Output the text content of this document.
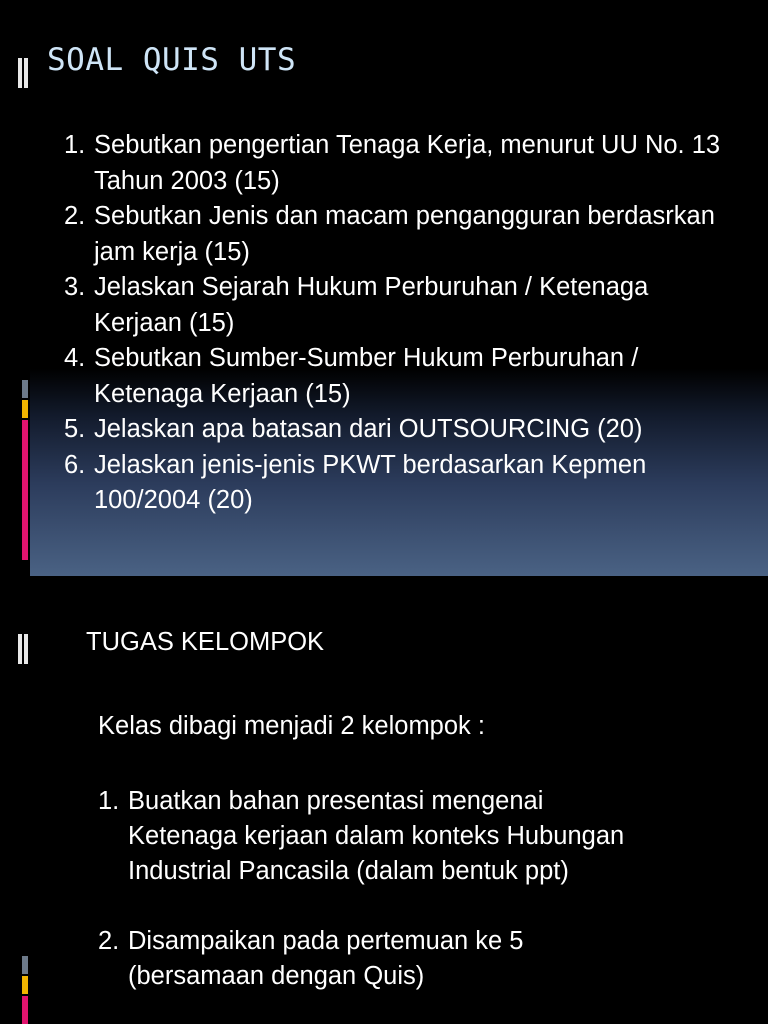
SOAL QUIS UTS
1. Sebutkan pengertian Tenaga Kerja, menurut UU No. 13 Tahun 2003 (15)
2. Sebutkan Jenis dan macam pengangguran berdasrkan jam kerja (15)
3. Jelaskan Sejarah Hukum Perburuhan / Ketenaga Kerjaan (15)
4. Sebutkan Sumber-Sumber Hukum Perburuhan / Ketenaga Kerjaan (15)
5. Jelaskan apa batasan dari OUTSOURCING (20)
6. Jelaskan jenis-jenis PKWT berdasarkan Kepmen 100/2004 (20)
TUGAS KELOMPOK

Kelas dibagi menjadi 2 kelompok :

1. Buatkan bahan presentasi mengenai Ketenaga kerjaan dalam konteks Hubungan Industrial Pancasila (dalam bentuk ppt)
2. Disampaikan pada pertemuan ke 5 (bersamaan dengan Quis)
